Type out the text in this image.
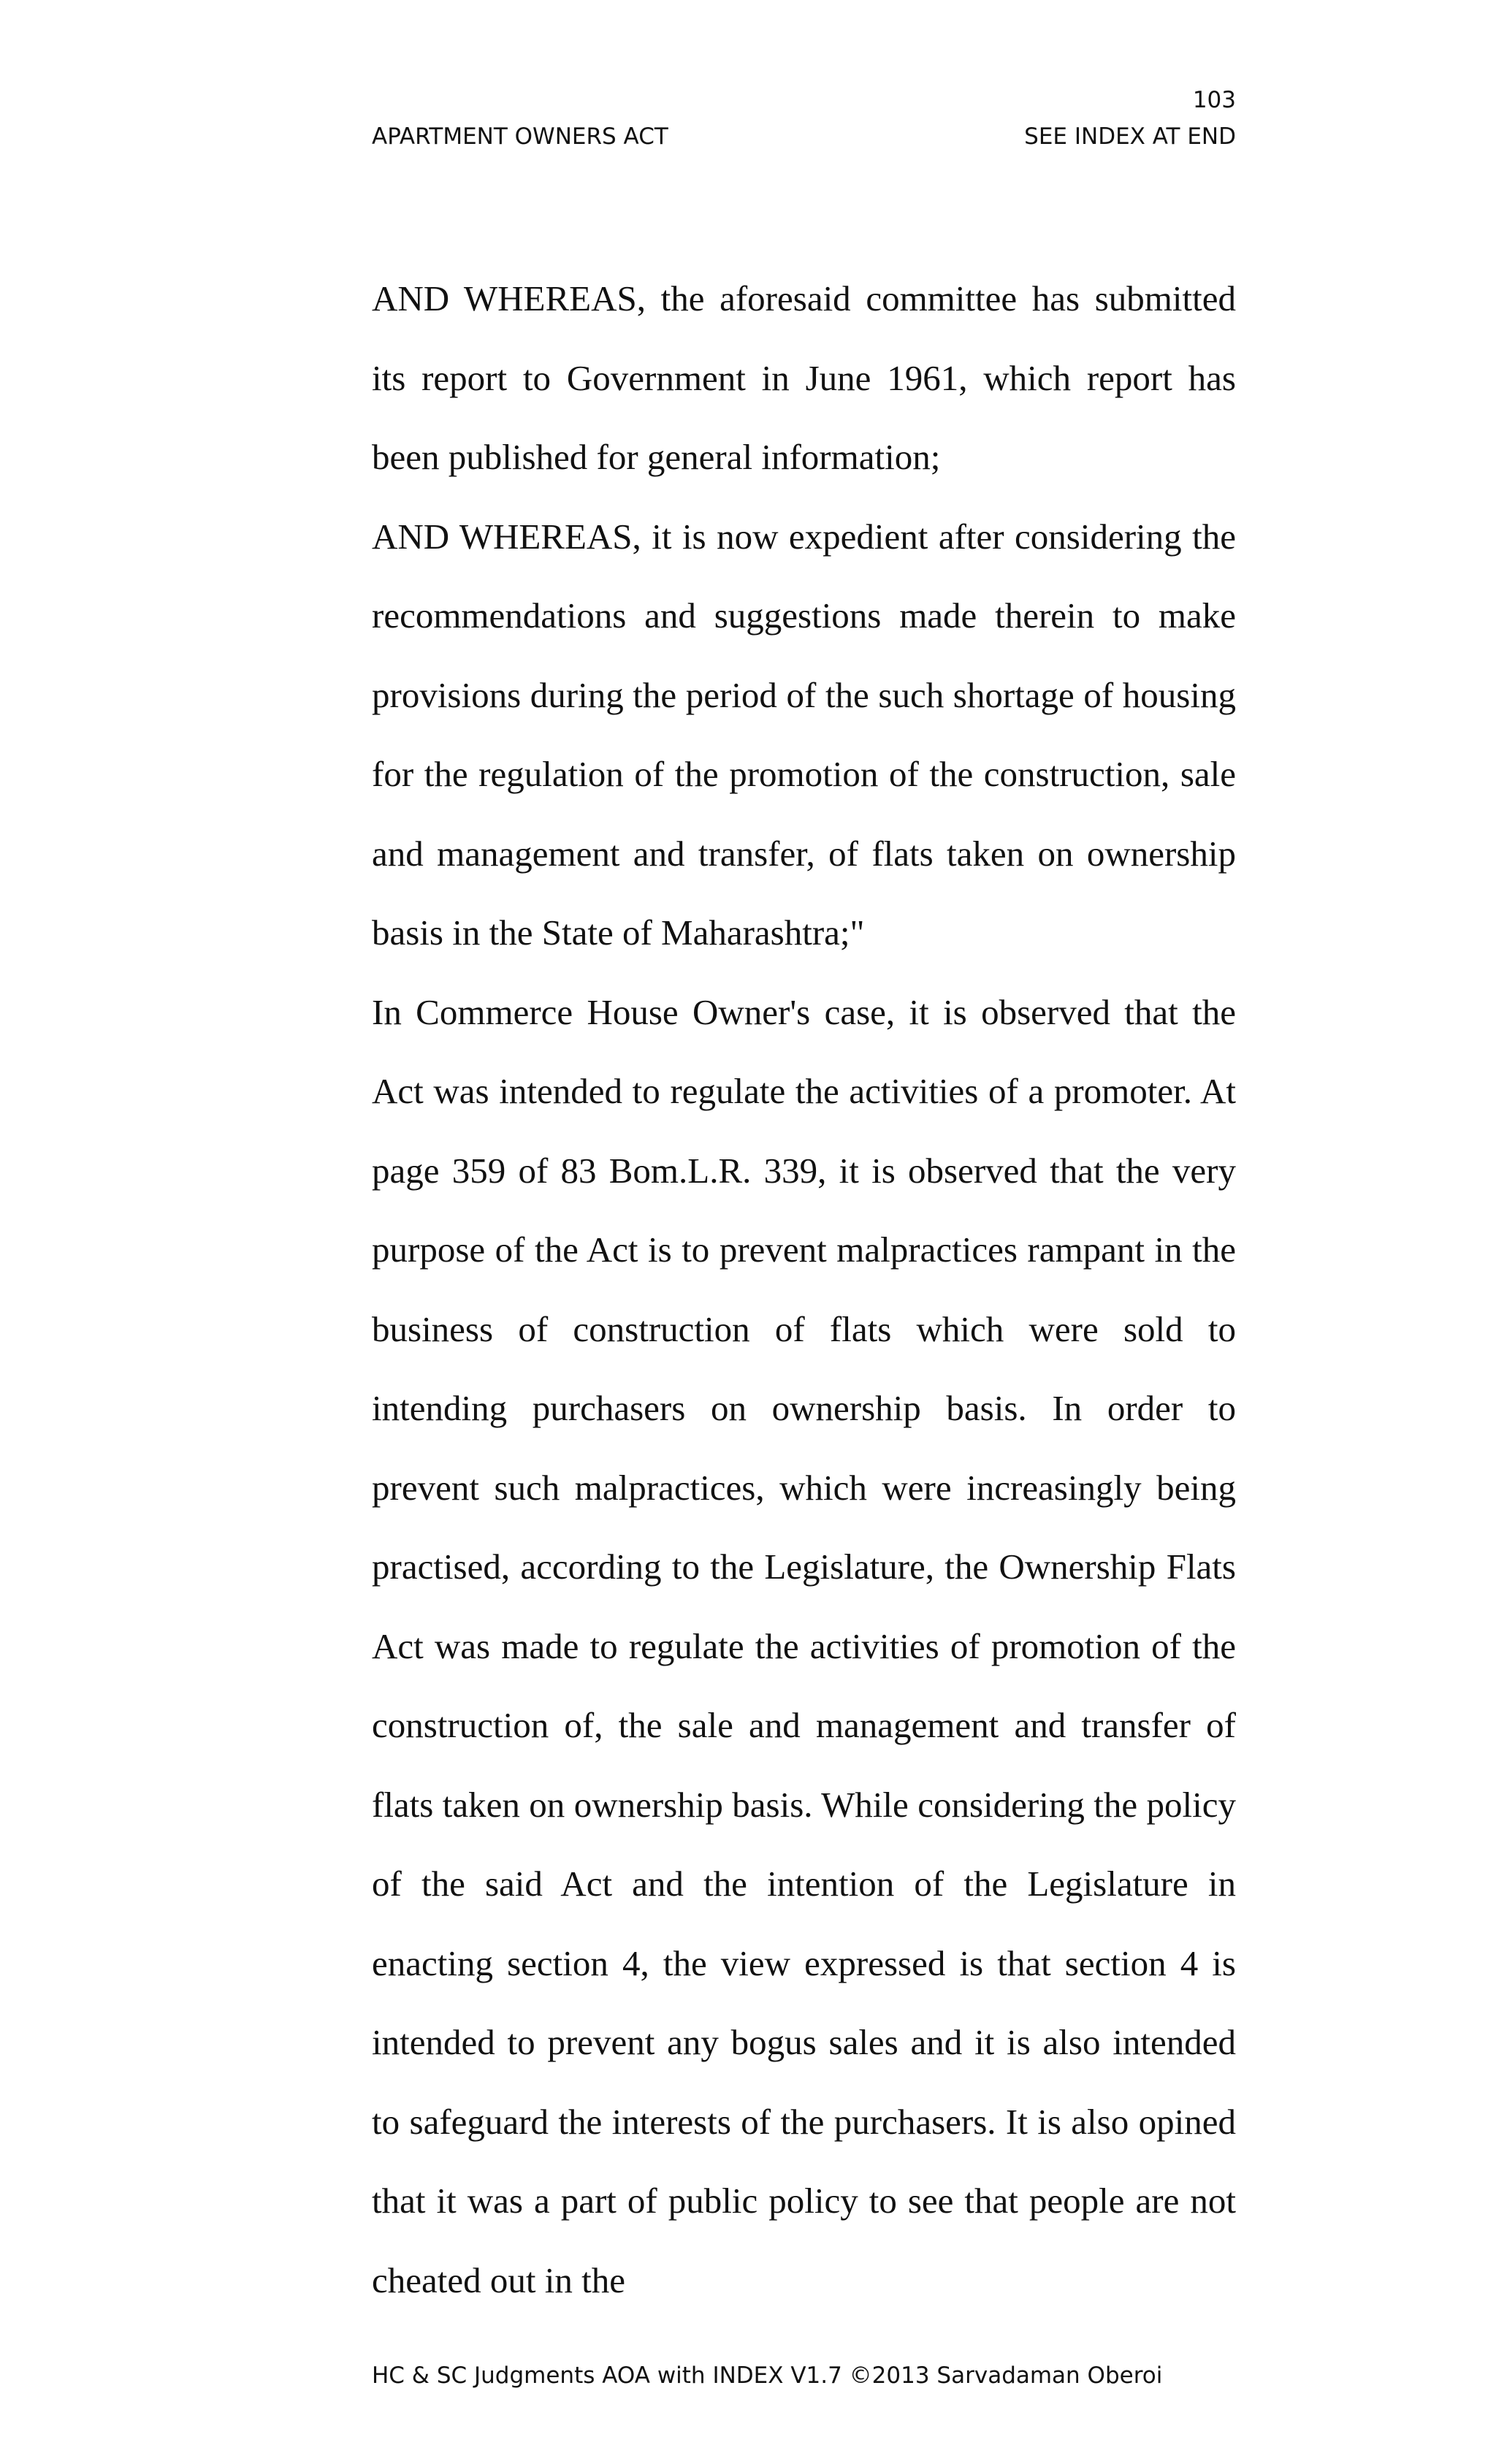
103
APARTMENT OWNERS ACT	SEE INDEX AT END

AND WHEREAS, the aforesaid committee has submitted its report to Government in June 1961, which report has been published for general information;

AND WHEREAS, it is now expedient after considering the recommendations and suggestions made therein to make provisions during the period of the such shortage of housing for the regulation of the promotion of the construction, sale and management and transfer, of flats taken on ownership basis in the State of Maharashtra;"

In Commerce House Owner's case, it is observed that the Act was intended to regulate the activities of a promoter. At page 359 of 83 Bom.L.R. 339, it is observed that the very purpose of the Act is to prevent malpractices rampant in the business of construction of flats which were sold to intending purchasers on ownership basis. In order to prevent such malpractices, which were increasingly being practised, according to the Legislature, the Ownership Flats Act was made to regulate the activities of promotion of the construction of, the sale and management and transfer of flats taken on ownership basis. While considering the policy of the said Act and the intention of the Legislature in enacting section 4, the view expressed is that section 4 is intended to prevent any bogus sales and it is also intended to safeguard the interests of the purchasers. It is also opined that it was a part of public policy to see that people are not cheated out in the

HC & SC Judgments AOA with INDEX V1.7 ©2013 Sarvadaman Oberoi
